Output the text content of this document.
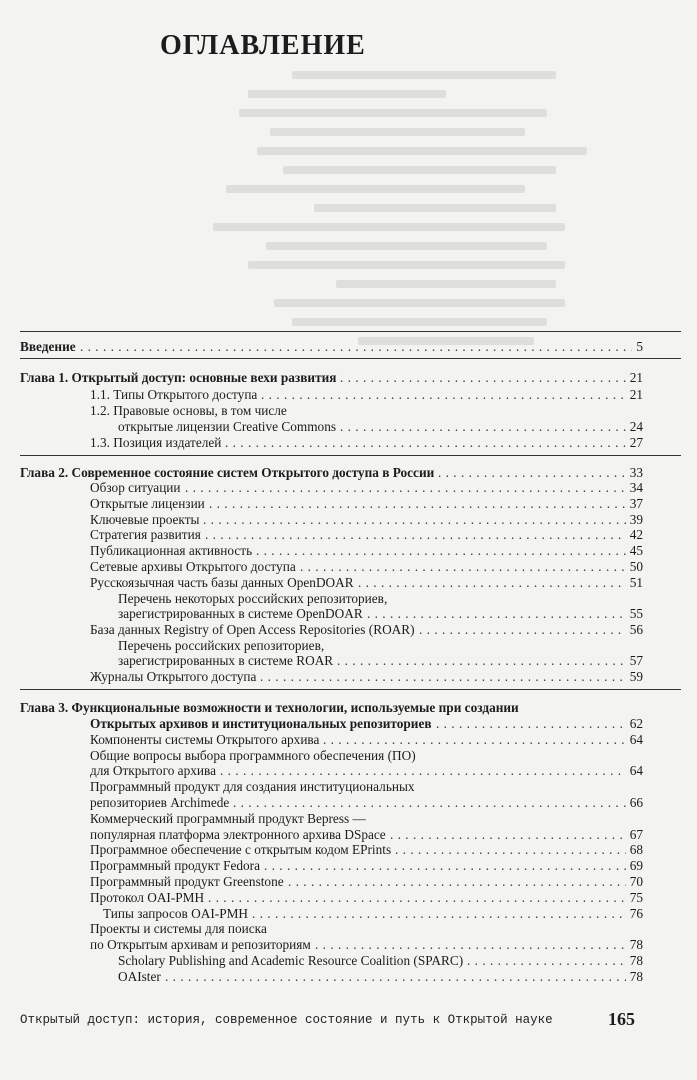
ОГЛАВЛЕНИЕ
Введение . . .	5
Глава 1. Открытый доступ: основные вехи развития . . .	21
1.1. Типы Открытого доступа . . .	21
1.2. Правовые основы, в том числе
открытые лицензии Creative Commons . . .	24
1.3. Позиция издателей . . .	27
Глава 2. Современное состояние систем Открытого доступа в России . . .	33
Обзор ситуации . . .	34
Открытые лицензии . . .	37
Ключевые проекты . . .	39
Стратегия развития . . .	42
Публикационная активность . . .	45
Сетевые архивы Открытого доступа . . .	50
Русскоязычная часть базы данных OpenDOAR . . .	51
Перечень некоторых российских репозиториев,
зарегистрированных в системе OpenDOAR . . .	55
База данных Registry of Open Access Repositories (ROAR) . . .	56
Перечень российских репозиториев,
зарегистрированных в системе ROAR . . .	57
Журналы Открытого доступа . . .	59
Глава 3. Функциональные возможности и технологии, используемые при создании
Открытых архивов и институциональных репозиториев . . .	62
Компоненты системы Открытого архива . . .	64
Общие вопросы выбора программного обеспечения (ПО)
для Открытого архива . . .	64
Программный продукт для создания институциональных
репозиториев Archimede . . .	66
Коммерческий программный продукт Bepress —
популярная платформа электронного архива DSpace . . .	67
Программное обеспечение с открытым кодом EPrints . . .	68
Программный продукт Fedora . . .	69
Программный продукт Greenstone . . .	70
Протокол OAI-PMH . . .	75
Типы запросов OAI-PMH . . .	76
Проекты и системы для поиска
по Открытым архивам и репозиториям . . .	78
Scholary Publishing and Academic Resource Coalition (SPARC) . . .	78
OAIster . . .	78
Открытый доступ: история, современное состояние и путь к Открытой науке	165
